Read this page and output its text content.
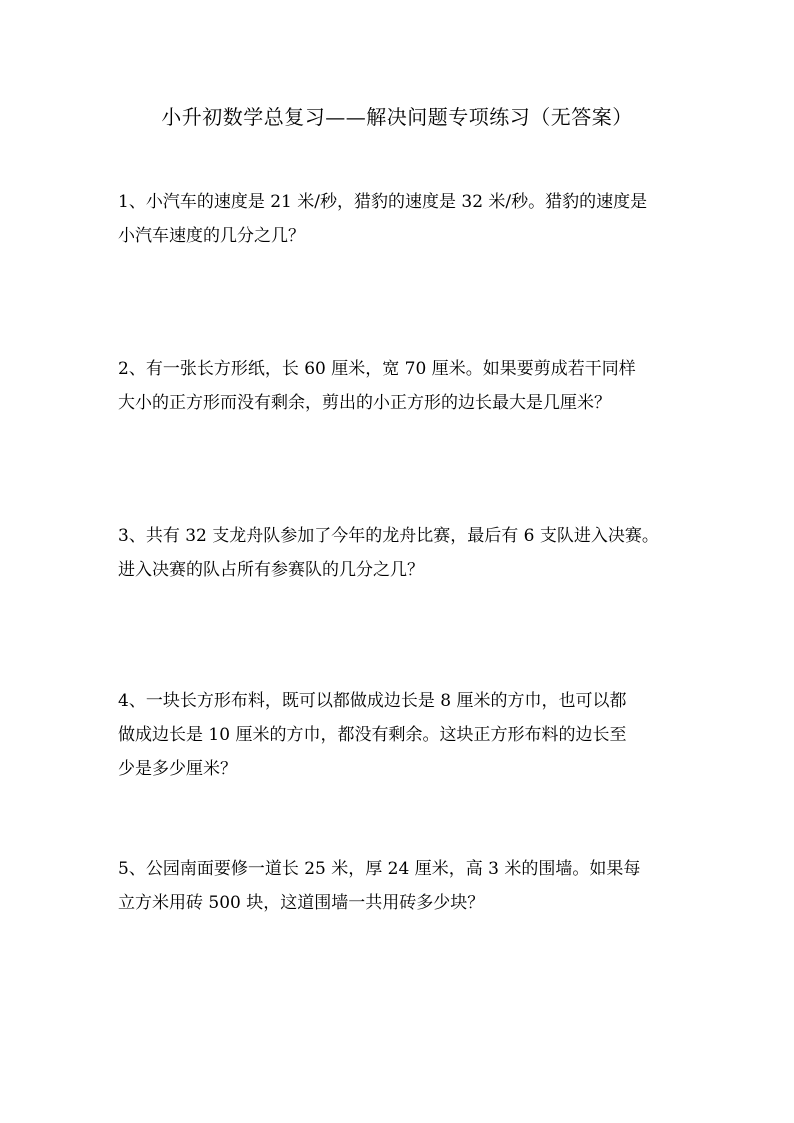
小升初数学总复习——解决问题专项练习（无答案）
1、小汽车的速度是 21 米/秒，猎豹的速度是 32 米/秒。猎豹的速度是
小汽车速度的几分之几？
2、有一张长方形纸，长 60 厘米，宽 70 厘米。如果要剪成若干同样
大小的正方形而没有剩余，剪出的小正方形的边长最大是几厘米？
3、共有 32 支龙舟队参加了今年的龙舟比赛，最后有 6 支队进入决赛。
进入决赛的队占所有参赛队的几分之几？
4、一块长方形布料，既可以都做成边长是 8 厘米的方巾，也可以都
做成边长是 10 厘米的方巾，都没有剩余。这块正方形布料的边长至
少是多少厘米？
5、公园南面要修一道长 25 米，厚 24 厘米，高 3 米的围墙。如果每
立方米用砖 500 块，这道围墙一共用砖多少块？
